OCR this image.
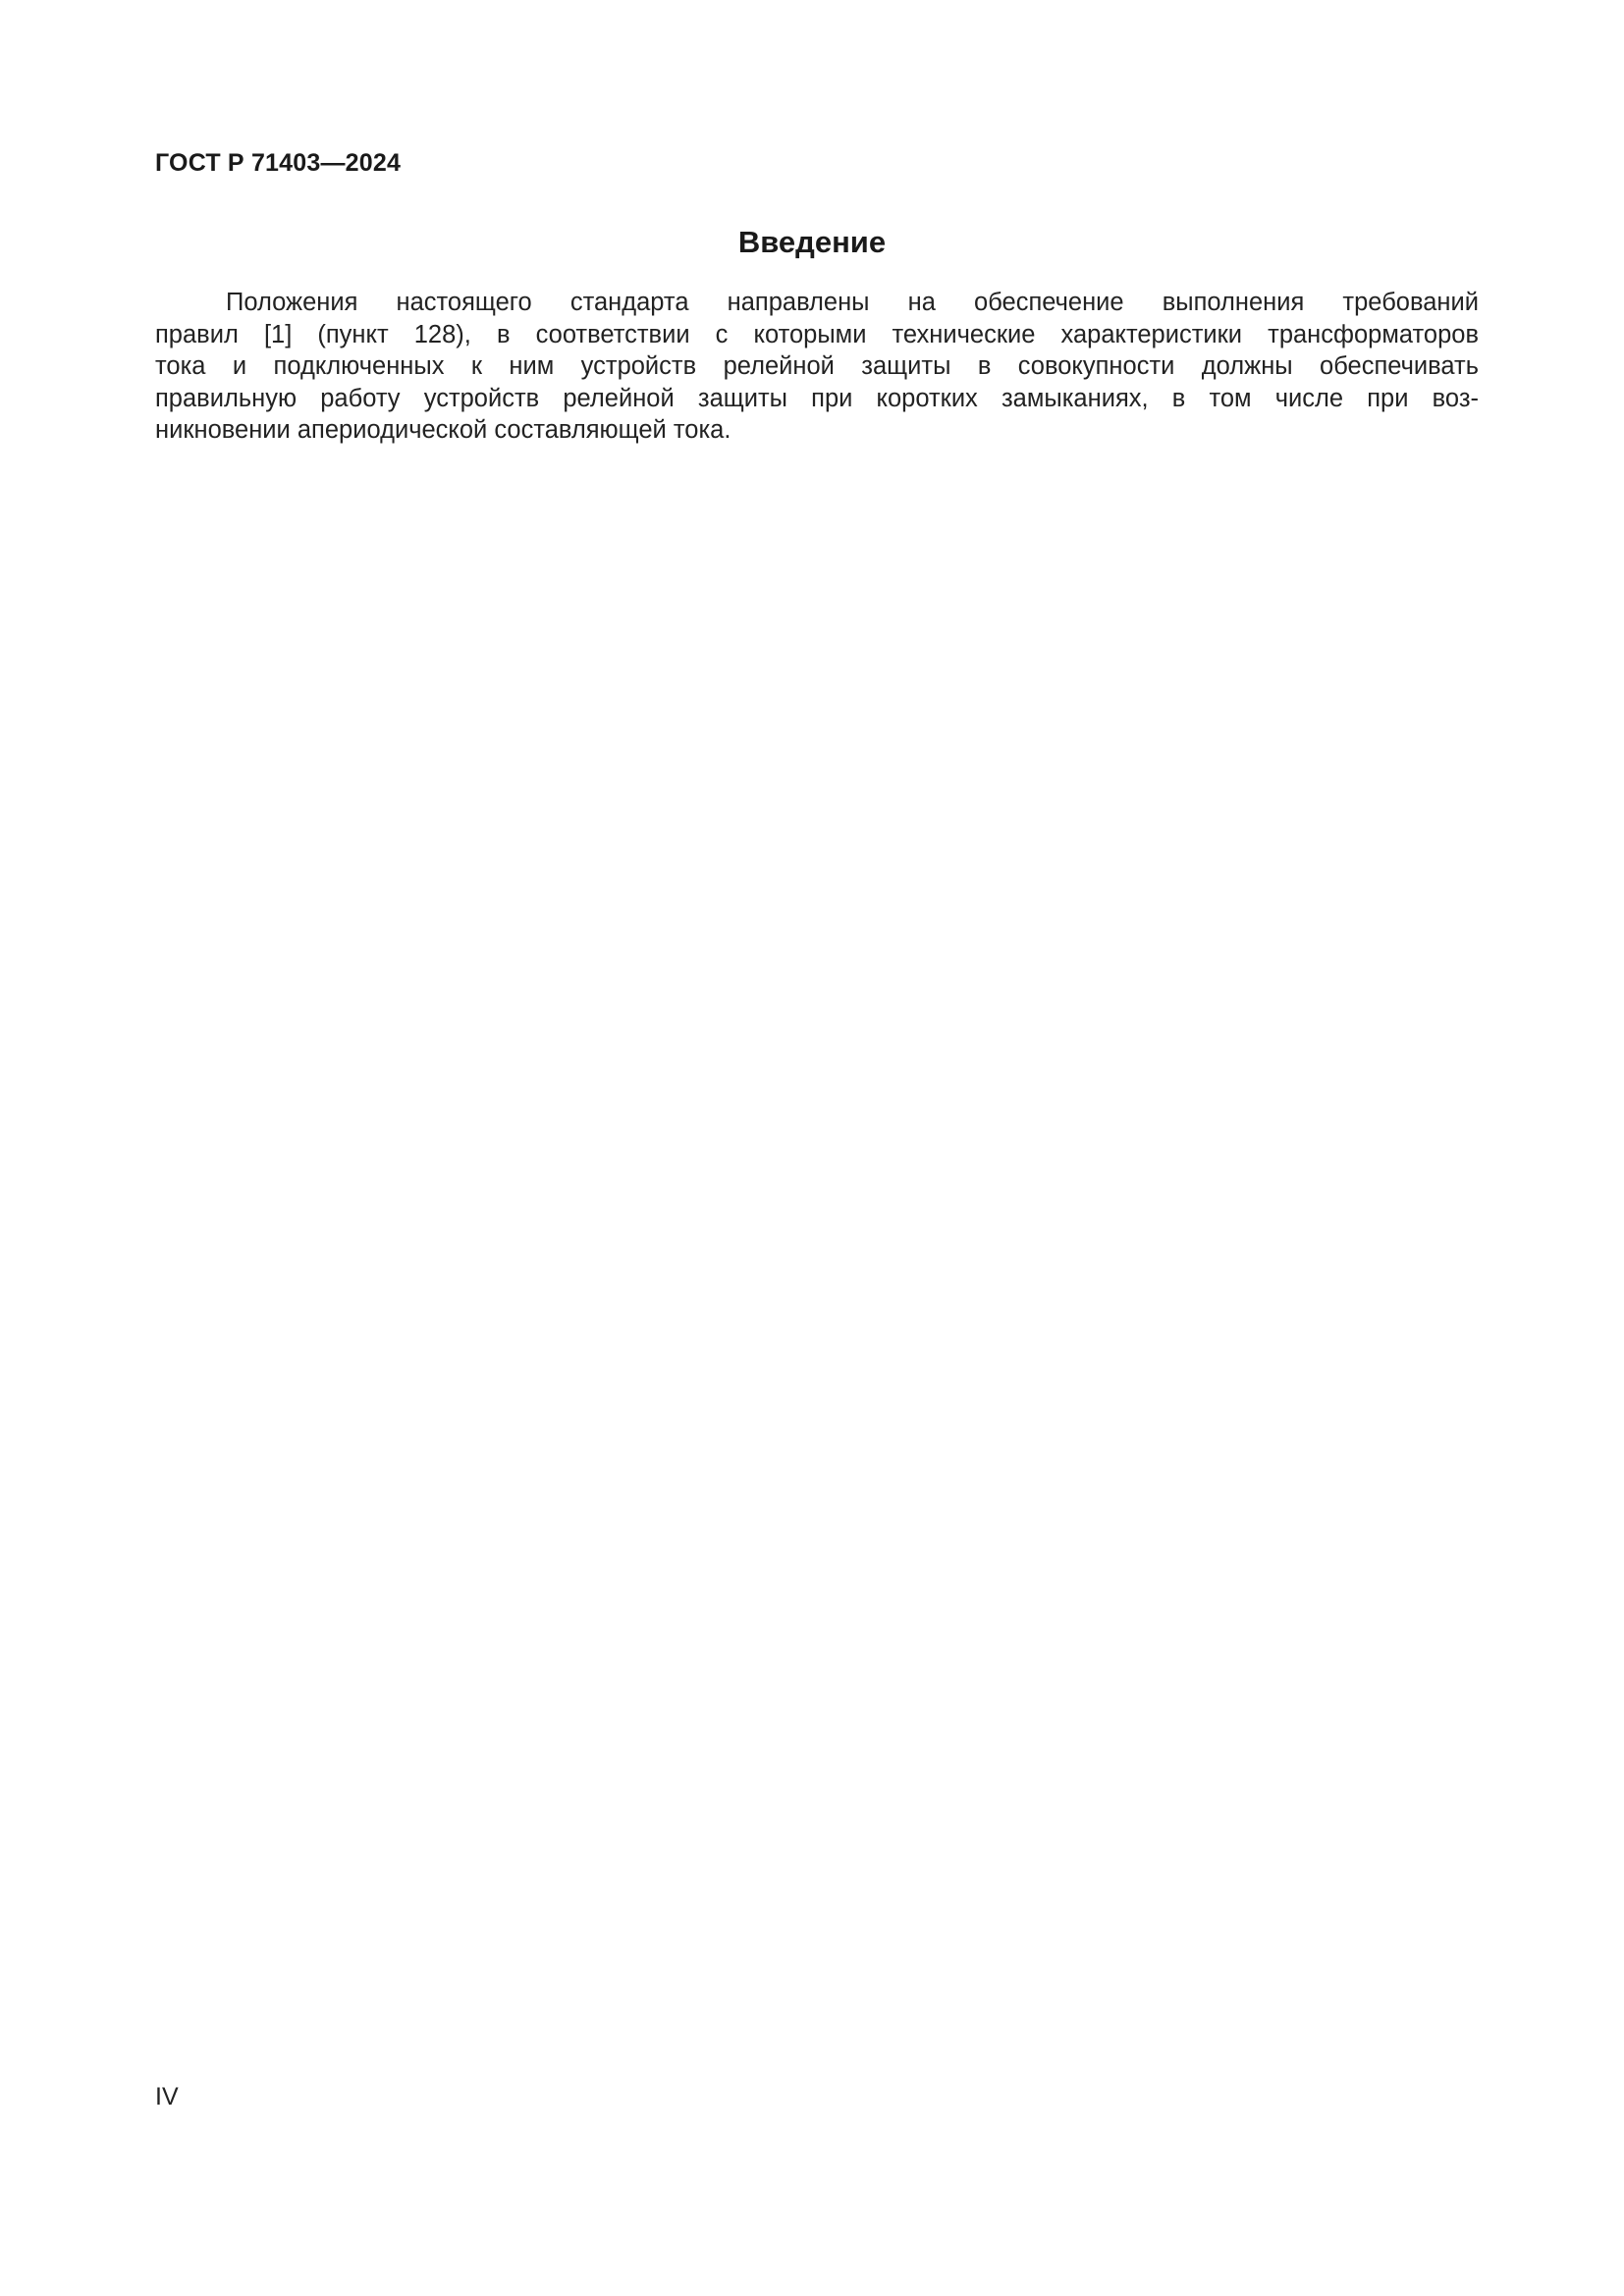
ГОСТ Р 71403—2024
Введение
Положения настоящего стандарта направлены на обеспечение выполнения требований
правил [1] (пункт 128), в соответствии с которыми технические характеристики трансформаторов
тока и подключенных к ним устройств релейной защиты в совокупности должны обеспечивать
правильную работу устройств релейной защиты при коротких замыканиях, в том числе при воз-
никновении апериодической составляющей тока.
IV
